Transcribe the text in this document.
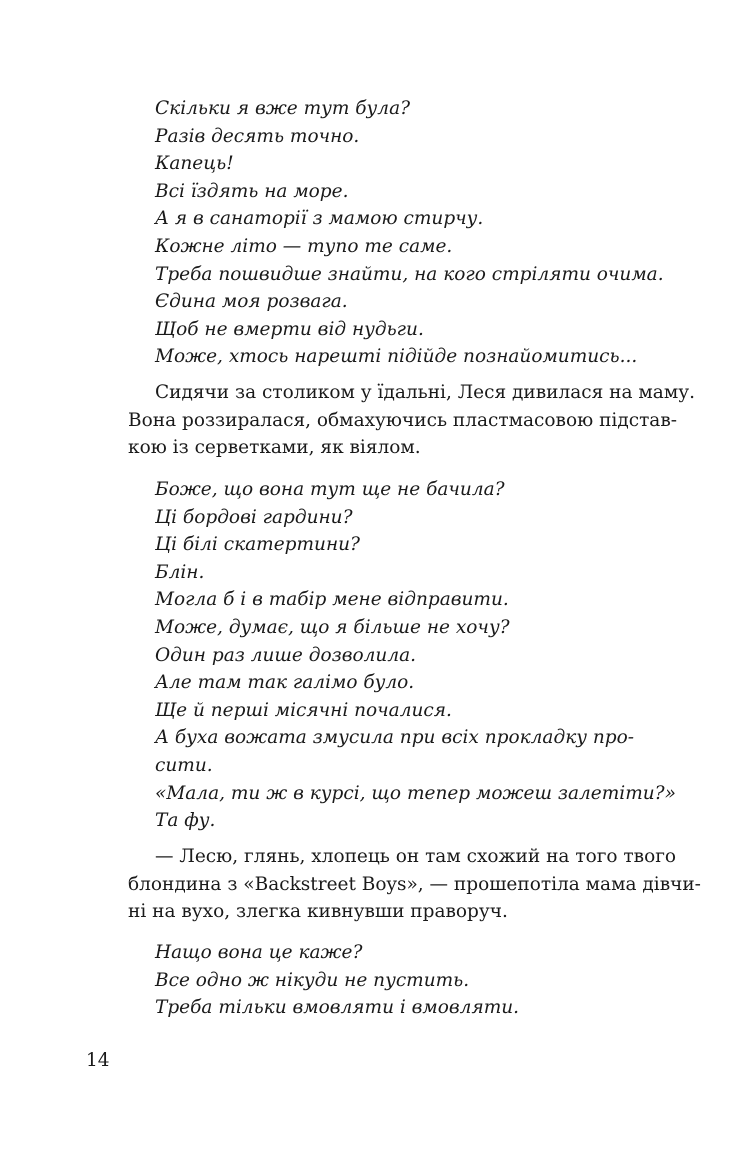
Скільки я вже тут була?
Разів десять точно.
Капець!
Всі їздять на море.
А я в санаторії з мамою стирчу.
Кожне літо — тупо те саме.
Треба пошвидше знайти, на кого стріляти очима.
Єдина моя розвага.
Щоб не вмерти від нудьги.
Може, хтось нарешті підійде познайомитись...
Сидячи за столиком у їдальні, Леся дивилася на маму.
Вона роззиралася, обмахуючись пластмасовою підстав-
кою із серветками, як віялом.
Боже, що вона тут ще не бачила?
Ці бордові гардини?
Ці білі скатертини?
Блін.
Могла б і в табір мене відправити.
Може, думає, що я більше не хочу?
Один раз лише дозволила.
Але там так галімо було.
Ще й перші місячні почалися.
А буха вожата змусила при всіх прокладку про-
сити.
«Мала, ти ж в курсі, що тепер можеш залетіти?»
Та фу.
— Лесю, глянь, хлопець он там схожий на того твого
блондина з «Backstreet Boys», — прошепотіла мама дівчи-
ні на вухо, злегка кивнувши праворуч.
Нащо вона це каже?
Все одно ж нікуди не пустить.
Треба тільки вмовляти і вмовляти.
14
